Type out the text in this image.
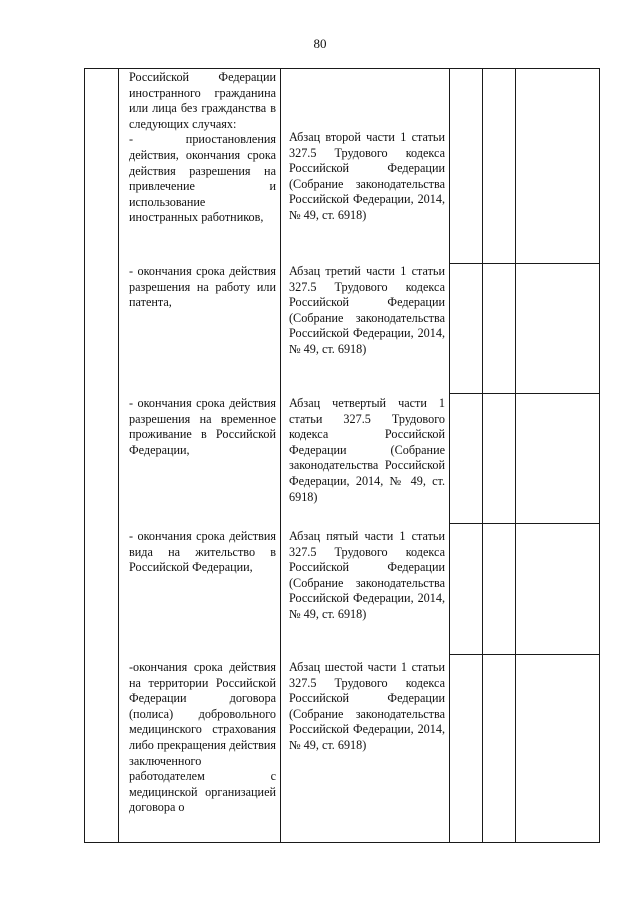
80
Российской Федерации иностранного гражданина или лица без гражданства в следующих случаях:
- приостановления действия, окончания срока действия разрешения на привлечение и использование иностранных работников,
Абзац второй части 1 статьи 327.5 Трудового кодекса Российской Федерации (Собрание законодательства Российской Федерации, 2014, № 49, ст. 6918)
- окончания срока действия разрешения на работу или патента,
Абзац третий части 1 статьи 327.5 Трудового кодекса Российской Федерации (Собрание законодательства Российской Федерации, 2014, № 49, ст. 6918)
- окончания срока действия разрешения на временное проживание в Российской Федерации,
Абзац четвертый части 1 статьи 327.5 Трудового кодекса Российской Федерации (Собрание законодательства Российской Федерации, 2014, № 49, ст. 6918)
- окончания срока действия вида на жительство в Российской Федерации,
Абзац пятый части 1 статьи 327.5 Трудового кодекса Российской Федерации (Собрание законодательства Российской Федерации, 2014, № 49, ст. 6918)
-окончания срока действия на территории Российской Федерации договора (полиса) добровольного медицинского страхования либо прекращения действия заключенного работодателем с медицинской организацией договора о
Абзац шестой части 1 статьи 327.5 Трудового кодекса Российской Федерации (Собрание законодательства Российской Федерации, 2014, № 49, ст. 6918)
